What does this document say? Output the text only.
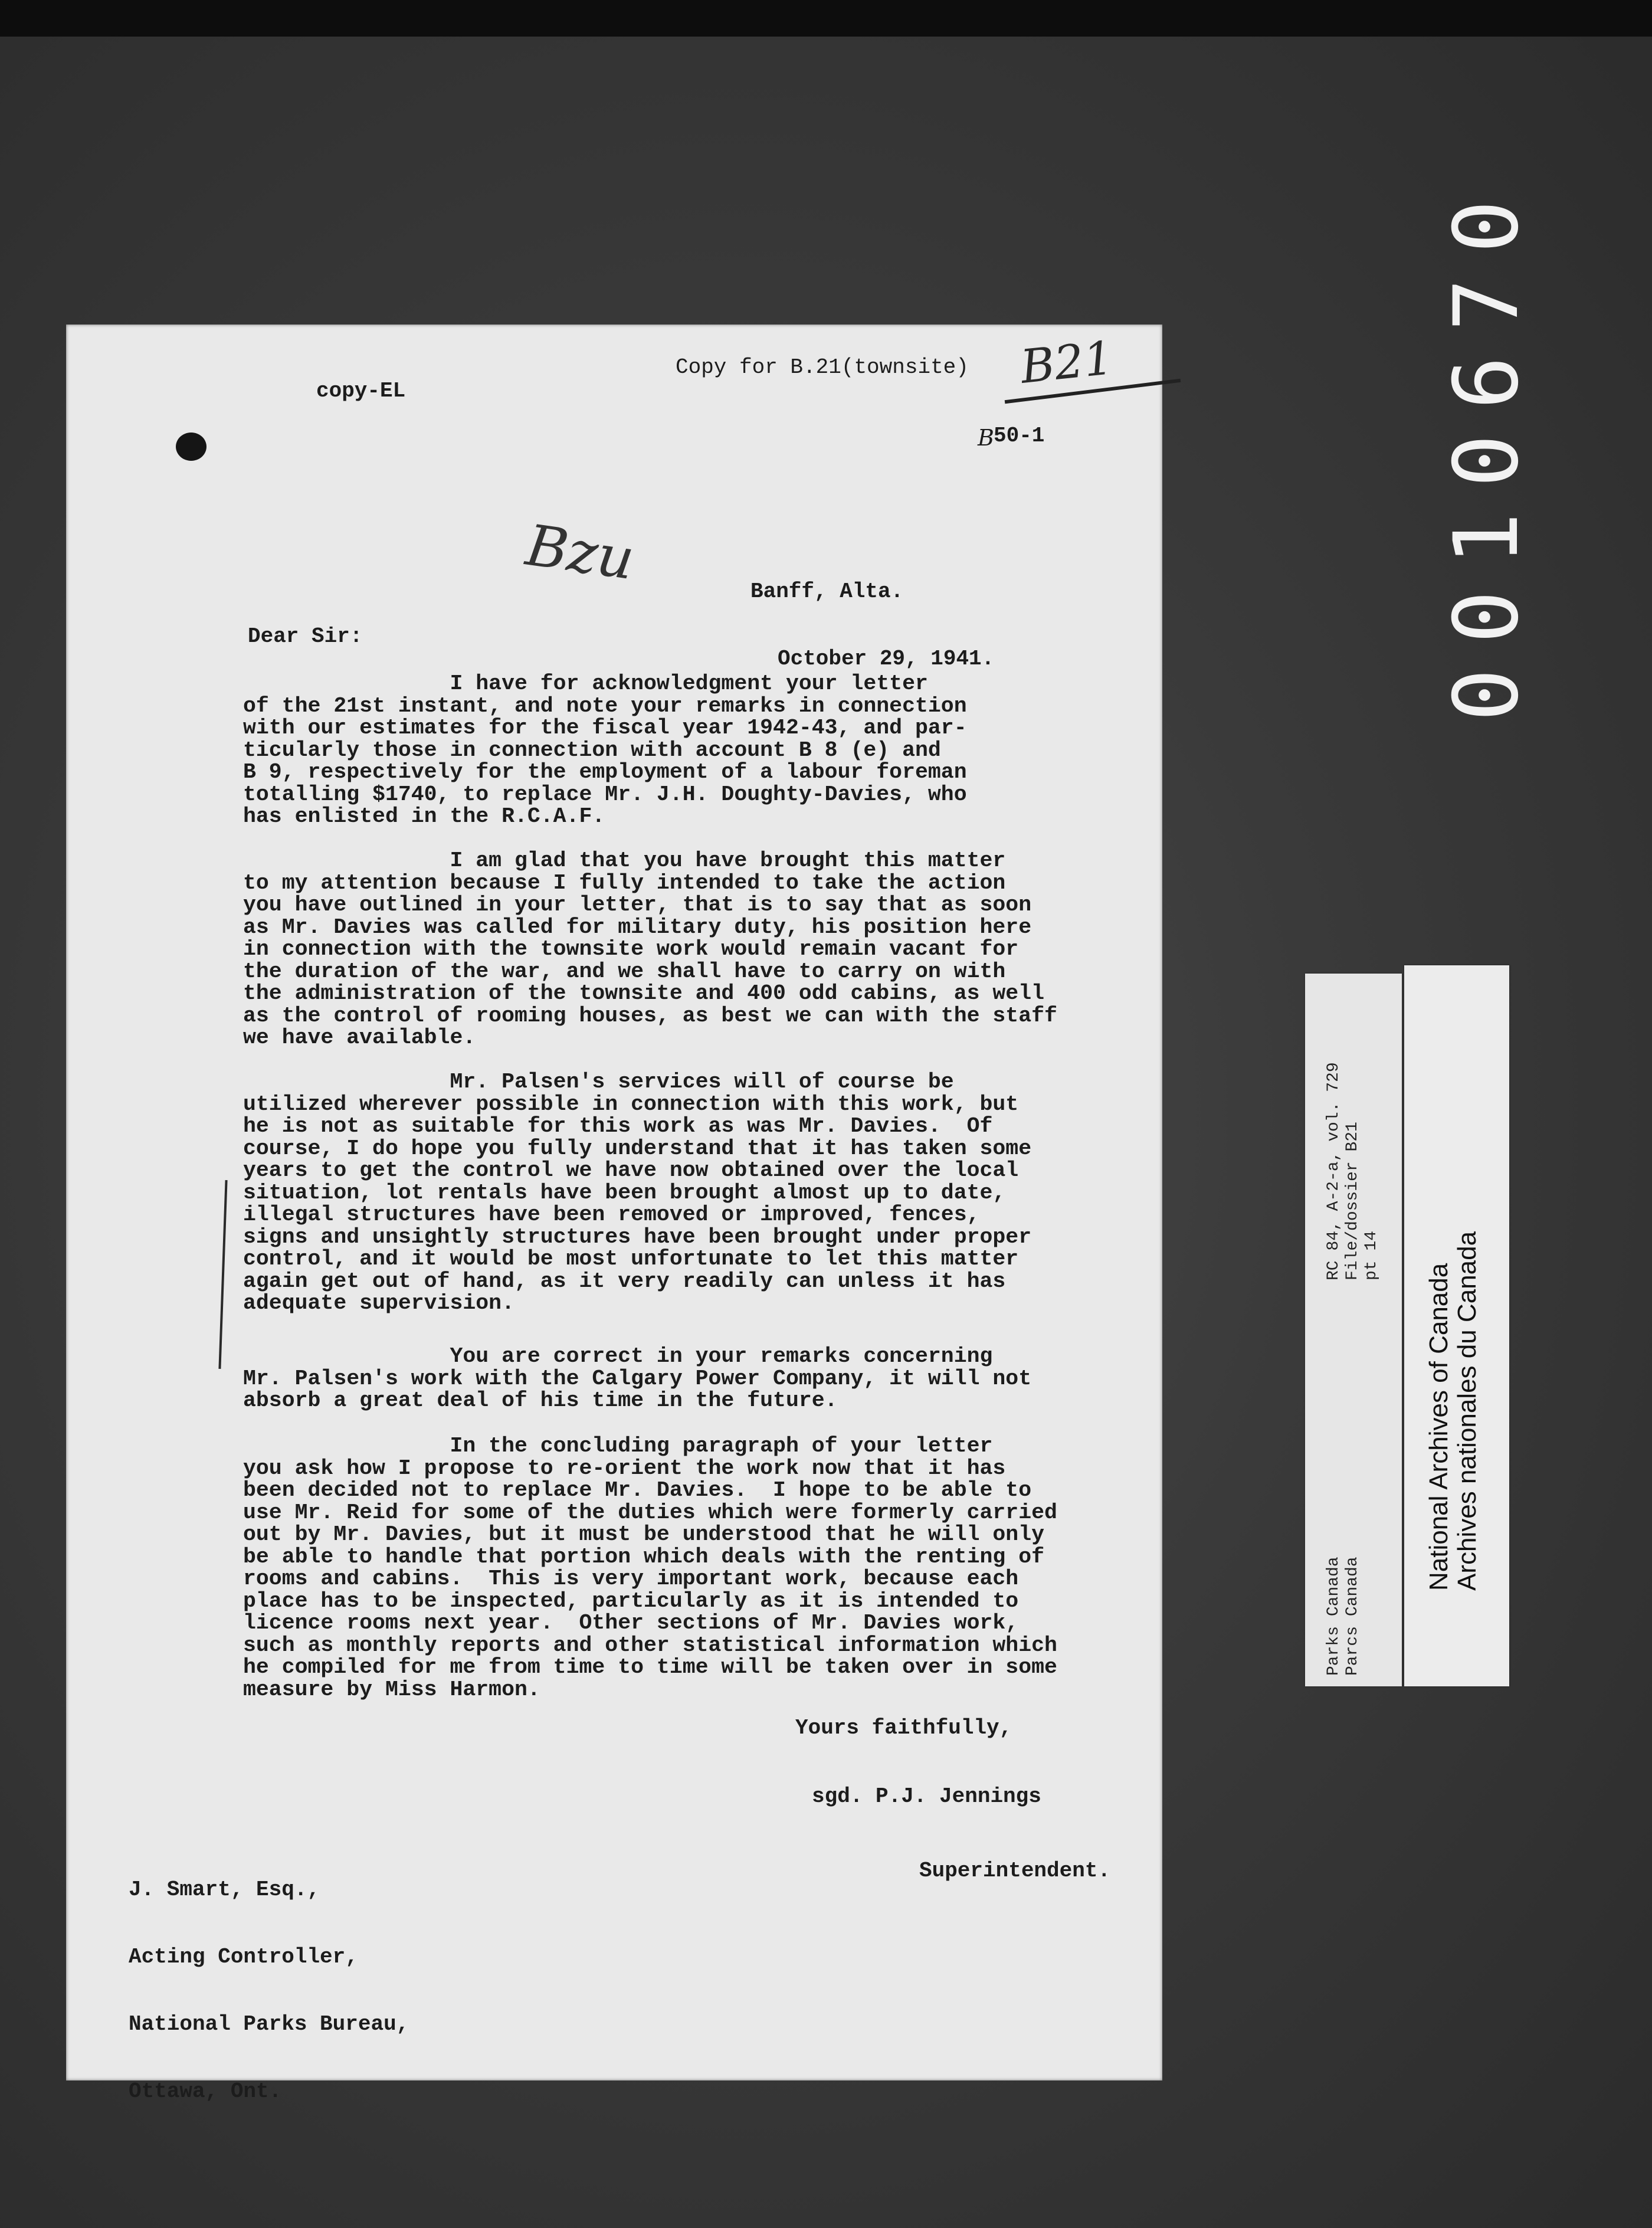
0010670
copy-EL
Copy for B.21(townsite) B21
B 50-1
Bzu

	Banff, Alta.

October 29, 1941.

Dear Sir:
I have for acknowledgment your letter
of the 21st instant, and note your remarks in connection
with our estimates for the fiscal year 1942-43, and par-
ticularly those in connection with account B 8 (e) and
B 9, respectively for the employment of a labour foreman
totalling $1740, to replace Mr. J.H. Doughty-Davies, who
has enlisted in the R.C.A.F.
I am glad that you have brought this matter
to my attention because I fully intended to take the action
you have outlined in your letter, that is to say that as soon
as Mr. Davies was called for military duty, his position here
in connection with the townsite work would remain vacant for
the duration of the war, and we shall have to carry on with
the administration of the townsite and 400 odd cabins, as well
as the control of rooming houses, as best we can with the staff
we have available.
Mr. Palsen's services will of course be
utilized wherever possible in connection with this work, but
he is not as suitable for this work as was Mr. Davies.  Of
course, I do hope you fully understand that it has taken some
years to get the control we have now obtained over the local
situation, lot rentals have been brought almost up to date,
illegal structures have been removed or improved, fences,
signs and unsightly structures have been brought under proper
control, and it would be most unfortunate to let this matter
again get out of hand, as it very readily can unless it has
adequate supervision.
You are correct in your remarks concerning
Mr. Palsen's work with the Calgary Power Company, it will not
absorb a great deal of his time in the future.
In the concluding paragraph of your letter
you ask how I propose to re-orient the work now that it has
been decided not to replace Mr. Davies.  I hope to be able to
use Mr. Reid for some of the duties which were formerly carried
out by Mr. Davies, but it must be understood that he will only
be able to handle that portion which deals with the renting of
rooms and cabins.  This is very important work, because each
place has to be inspected, particularly as it is intended to
licence rooms next year.  Other sections of Mr. Davies work,
such as monthly reports and other statistical information which
he compiled for me from time to time will be taken over in some
measure by Miss Harmon.
Yours faithfully,
sgd. P.J. Jennings
Superintendent.

J. Smart, Esq.,

Acting Controller,

National Parks Bureau,

Ottawa, Ont.

Parks Canada Parcs Canada
RC 84, A-2-a, vol. 729 File/dossier B21 pt 14
National Archives of Canada Archives nationales du Canada
